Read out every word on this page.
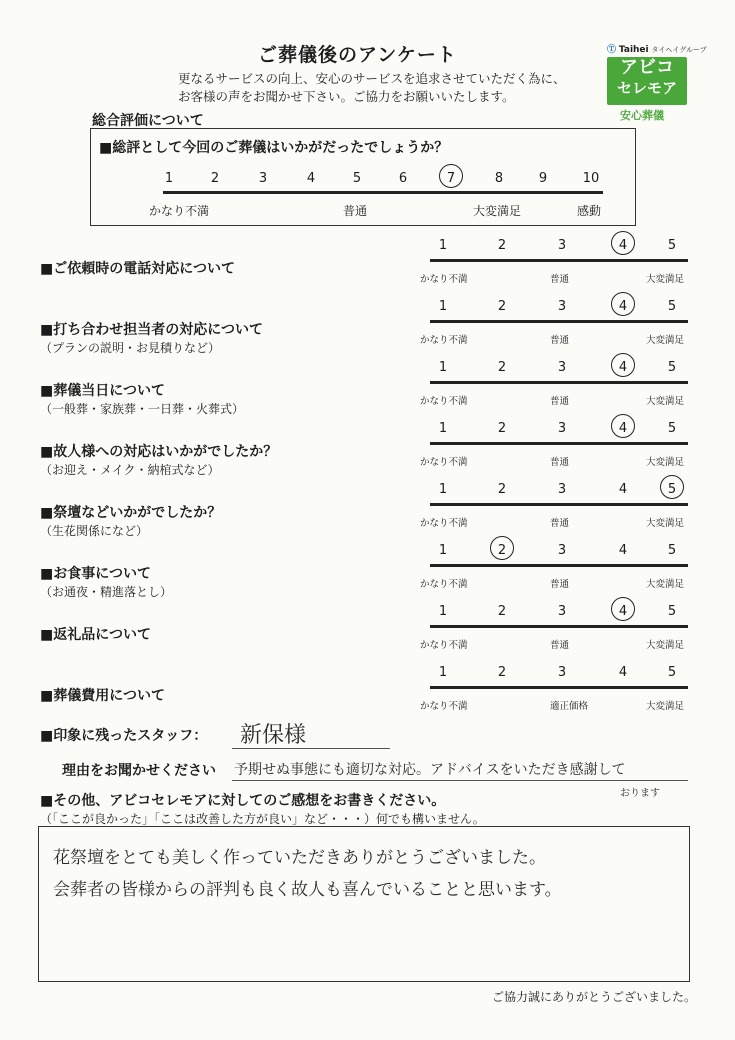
ご葬儀後のアンケート
更なるサービスの向上、安心のサービスを追求させていただく為に、
お客様の声をお聞かせ下さい。ご協力をお願いいたします。
Ⓣ Taihei タイヘイグループ
アビコ
セレモア
安心葬儀
総合評価について
■総評として今回のご葬儀はいかがだったでしょうか？
1	2	3	4	5	6	7	8	9	10
かなり不満	普通	大変満足	感動
■ご依頼時の電話対応について
1	2	3	4	5
かなり不満	普通	大変満足
■打ち合わせ担当者の対応について
（プランの説明・お見積りなど）
1	2	3	4	5
かなり不満	普通	大変満足
■葬儀当日について
（一般葬・家族葬・一日葬・火葬式）
1	2	3	4	5
かなり不満	普通	大変満足
■故人様への対応はいかがでしたか？
（お迎え・メイク・納棺式など）
1	2	3	4	5
かなり不満	普通	大変満足
■祭壇などいかがでしたか？
（生花関係になど）
1	2	3	4	5
かなり不満	普通	大変満足
■お食事について
（お通夜・精進落とし）
1	2	3	4	5
かなり不満	普通	大変満足
■返礼品について
1	2	3	4	5
かなり不満	普通	大変満足
■葬儀費用について
1	2	3	4	5
かなり不満	適正価格	大変満足
■印象に残ったスタッフ： 新保様
理由をお聞かせください 予期せぬ事態にも適切な対応。アドバイスをいただき感謝して
おります
■その他、アビコセレモアに対してのご感想をお書きください。
（「ここが良かった」「ここは改善した方が良い」など・・・）何でも構いません。
花祭壇をとても美しく作っていただきありがとうございました。
会葬者の皆様からの評判も良く故人も喜んでいることと思います。
ご協力誠にありがとうございました。
